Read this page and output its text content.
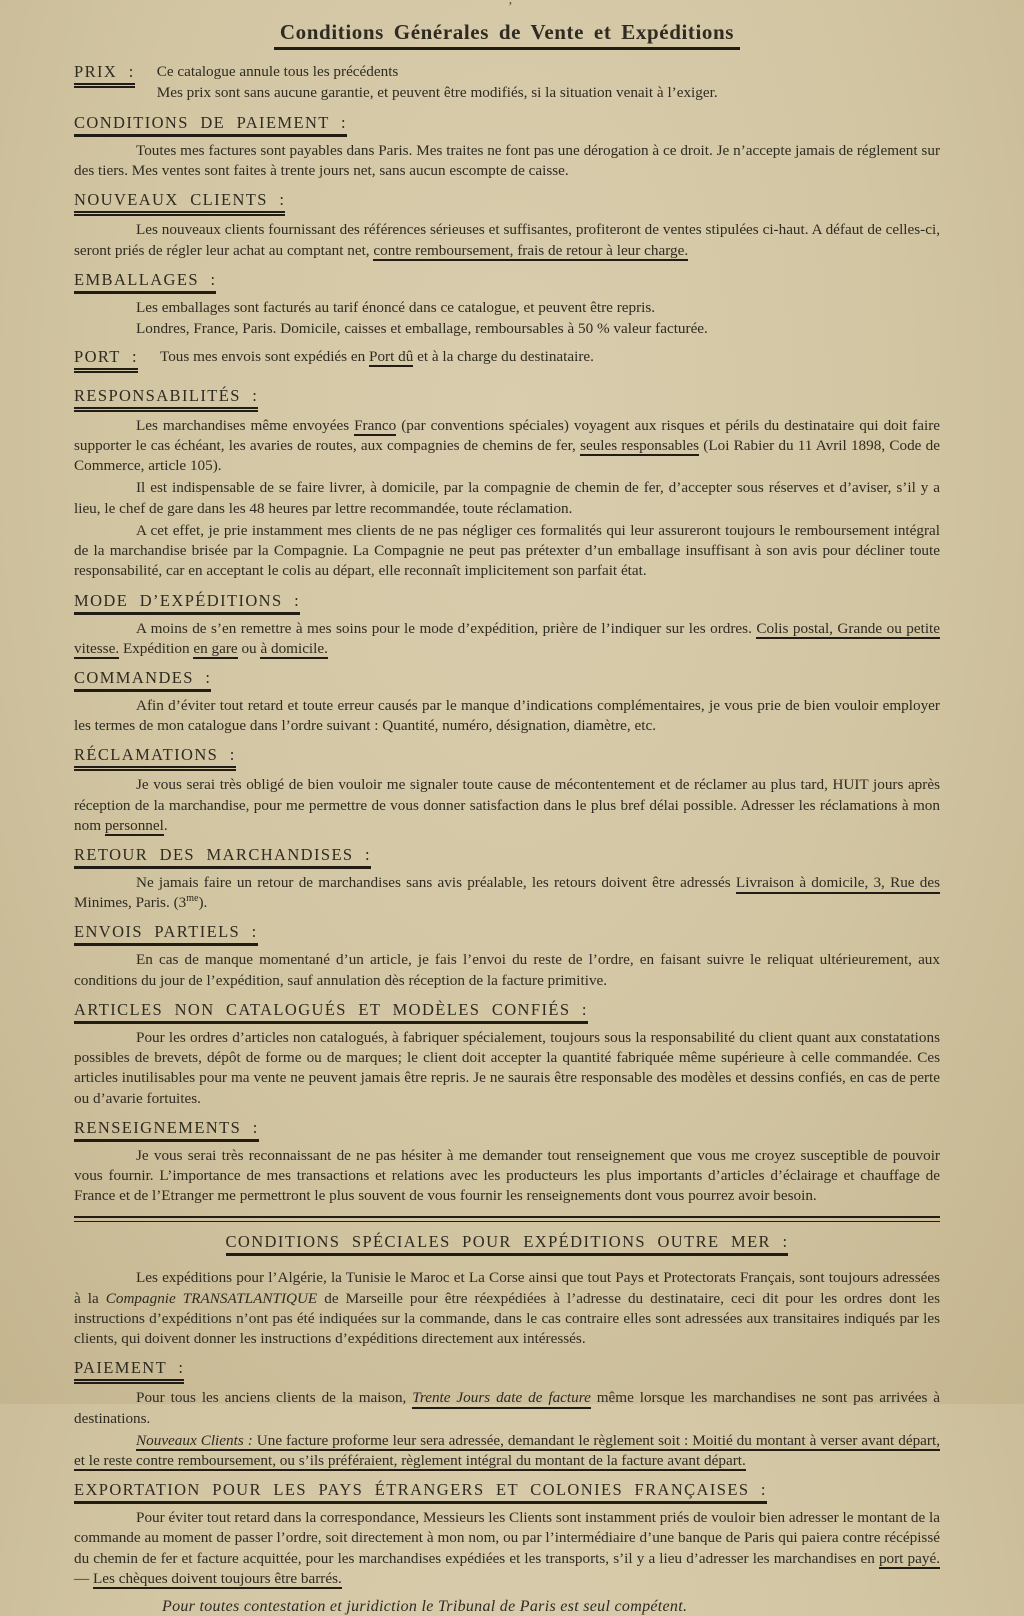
’
Conditions Générales de Vente et Expéditions
PRIX : Ce catalogue annule tous les précédents
Mes prix sont sans aucune garantie, et peuvent être modifiés, si la situation venait à l’exiger.
CONDITIONS DE PAIEMENT :

Toutes mes factures sont payables dans Paris. Mes traites ne font pas une dérogation à ce droit. Je n’accepte jamais de réglement sur des tiers. Mes ventes sont faites à trente jours net, sans aucun escompte de caisse.

NOUVEAUX CLIENTS :

Les nouveaux clients fournissant des références sérieuses et suffisantes, profiteront de ventes stipulées ci-haut. A défaut de celles-ci, seront priés de régler leur achat au comptant net, contre remboursement, frais de retour à leur charge.

EMBALLAGES :
Les emballages sont facturés au tarif énoncé dans ce catalogue, et peuvent être repris.
Londres, France, Paris. Domicile, caisses et emballage, remboursables à 50 % valeur facturée.
PORT :	Tous mes envois sont expédiés en Port dû et à la charge du destinataire.
RESPONSABILITÉS :

Les marchandises même envoyées Franco (par conventions spéciales) voyagent aux risques et périls du destinataire qui doit faire supporter le cas échéant, les avaries de routes, aux compagnies de chemins de fer, seules responsables (Loi Rabier du 11 Avril 1898, Code de Commerce, article 105).

Il est indispensable de se faire livrer, à domicile, par la compagnie de chemin de fer, d’accepter sous réserves et d’aviser, s’il y a lieu, le chef de gare dans les 48 heures par lettre recommandée, toute réclamation.

A cet effet, je prie instamment mes clients de ne pas négliger ces formalités qui leur assureront toujours le remboursement intégral de la marchandise brisée par la Compagnie. La Compagnie ne peut pas prétexter d’un emballage insuffisant à son avis pour décliner toute responsabilité, car en acceptant le colis au départ, elle reconnaît implicitement son parfait état.

MODE D’EXPÉDITIONS :

A moins de s’en remettre à mes soins pour le mode d’expédition, prière de l’indiquer sur les ordres. Colis postal, Grande ou petite vitesse. Expédition en gare ou à domicile.

COMMANDES :

Afin d’éviter tout retard et toute erreur causés par le manque d’indications complémentaires, je vous prie de bien vouloir employer les termes de mon catalogue dans l’ordre suivant : Quantité, numéro, désignation, diamètre, etc.

RÉCLAMATIONS :

Je vous serai très obligé de bien vouloir me signaler toute cause de mécontentement et de réclamer au plus tard, HUIT jours après réception de la marchandise, pour me permettre de vous donner satisfaction dans le plus bref délai possible. Adresser les réclamations à mon nom personnel.

RETOUR DES MARCHANDISES :

Ne jamais faire un retour de marchandises sans avis préalable, les retours doivent être adressés Livraison à domicile, 3, Rue des Minimes, Paris. $(3^{me})$.

ENVOIS PARTIELS :

En cas de manque momentané d’un article, je fais l’envoi du reste de l’ordre, en faisant suivre le reliquat ultérieurement, aux conditions du jour de l’expédition, sauf annulation dès réception de la facture primitive.

ARTICLES NON CATALOGUÉS ET MODÈLES CONFIÉS :

Pour les ordres d’articles non catalogués, à fabriquer spécialement, toujours sous la responsabilité du client quant aux constatations possibles de brevets, dépôt de forme ou de marques; le client doit accepter la quantité fabriquée même supérieure à celle commandée. Ces articles inutilisables pour ma vente ne peuvent jamais être repris. Je ne saurais être responsable des modèles et dessins confiés, en cas de perte ou d’avarie fortuites.

RENSEIGNEMENTS :

Je vous serai très reconnaissant de ne pas hésiter à me demander tout renseignement que vous me croyez susceptible de pouvoir vous fournir. L’importance de mes transactions et relations avec les producteurs les plus importants d’articles d’éclairage et chauffage de France et de l’Etranger me permettront le plus souvent de vous fournir les renseignements dont vous pourrez avoir besoin.

CONDITIONS SPÉCIALES POUR EXPÉDITIONS OUTRE MER :

Les expéditions pour l’Algérie, la Tunisie le Maroc et La Corse ainsi que tout Pays et Protectorats Français, sont toujours adressées à la Compagnie TRANSATLANTIQUE de Marseille pour être réexpédiées à l’adresse du destinataire, ceci dit pour les ordres dont les instructions d’expéditions n’ont pas été indiquées sur la commande, dans le cas contraire elles sont adressées aux transitaires indiqués par les clients, qui doivent donner les instructions d’expéditions directement aux intéressés.

PAIEMENT :

Pour tous les anciens clients de la maison, Trente Jours date de facture même lorsque les marchandises ne sont pas arrivées à destinations.

Nouveaux Clients : Une facture proforme leur sera adressée, demandant le règlement soit : Moitié du montant à verser avant départ, et le reste contre remboursement, ou s’ils préféraient, règlement intégral du montant de la facture avant départ.

EXPORTATION POUR LES PAYS ÉTRANGERS ET COLONIES FRANÇAISES :

Pour éviter tout retard dans la correspondance, Messieurs les Clients sont instamment priés de vouloir bien adresser le montant de la commande au moment de passer l’ordre, soit directement à mon nom, ou par l’intermédiaire d’une banque de Paris qui paiera contre récépissé du chemin de fer et facture acquittée, pour les marchandises expédiées et les transports, s’il y a lieu d’adresser les marchandises en port payé. — Les chèques doivent toujours être barrés.

Pour toutes contestation et juridiction le Tribunal de Paris est seul compétent.
